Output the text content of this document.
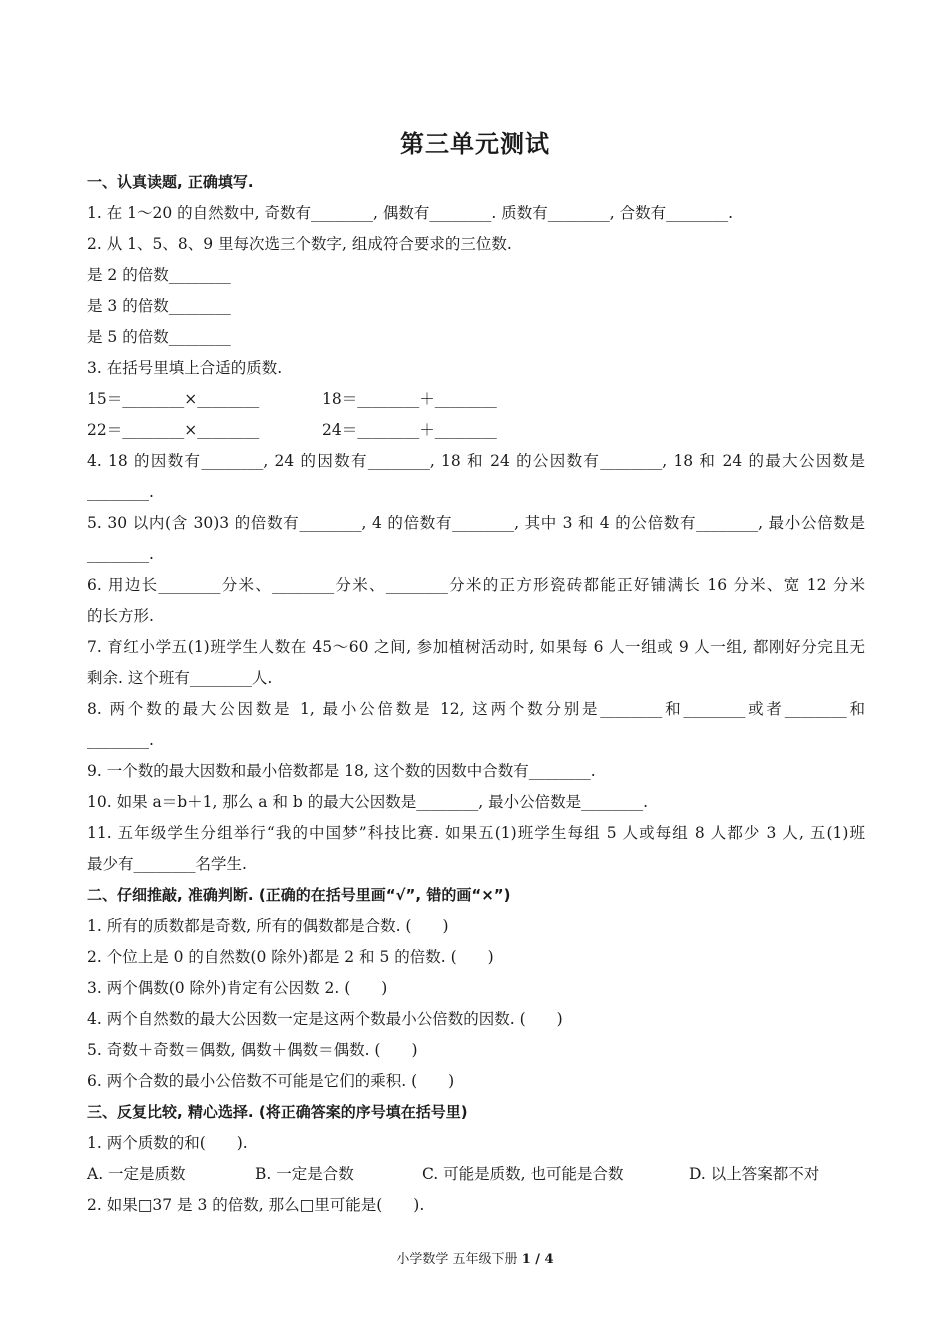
第三单元测试
一、认真读题, 正确填写.
1. 在 1～20 的自然数中, 奇数有________, 偶数有________. 质数有________, 合数有________.
2. 从 1、5、8、9 里每次选三个数字, 组成符合要求的三位数.
是 2 的倍数________
是 3 的倍数________
是 5 的倍数________
3. 在括号里填上合适的质数.
15＝________×________	18＝________＋________
22＝________×________	24＝________＋________
4. 18 的因数有________, 24 的因数有________, 18 和 24 的公因数有________, 18 和 24 的最大公因数是
________.
5. 30 以内(含 30)3 的倍数有________, 4 的倍数有________, 其中 3 和 4 的公倍数有________, 最小公倍数是
________.
6. 用边长________分米、________分米、________分米的正方形瓷砖都能正好铺满长 16 分米、宽 12 分米
的长方形.
7. 育红小学五(1)班学生人数在 45～60 之间, 参加植树活动时, 如果每 6 人一组或 9 人一组, 都刚好分完且无
剩余. 这个班有________人.
8. 两个数的最大公因数是 1, 最小公倍数是 12, 这两个数分别是________和________或者________和
________.
9. 一个数的最大因数和最小倍数都是 18, 这个数的因数中合数有________.
10. 如果 a＝b＋1, 那么 a 和 b 的最大公因数是________, 最小公倍数是________.
11. 五年级学生分组举行“我的中国梦”科技比赛. 如果五(1)班学生每组 5 人或每组 8 人都少 3 人, 五(1)班
最少有________名学生.
二、仔细推敲, 准确判断. (正确的在括号里画“√”, 错的画“×”)
1. 所有的质数都是奇数, 所有的偶数都是合数. (　　)
2. 个位上是 0 的自然数(0 除外)都是 2 和 5 的倍数. (　　)
3. 两个偶数(0 除外)肯定有公因数 2. (　　)
4. 两个自然数的最大公因数一定是这两个数最小公倍数的因数. (　　)
5. 奇数＋奇数＝偶数, 偶数＋偶数＝偶数. (　　)
6. 两个合数的最小公倍数不可能是它们的乘积. (　　)
三、反复比较, 精心选择. (将正确答案的序号填在括号里)
1. 两个质数的和(　　).
A. 一定是质数	B. 一定是合数	C. 可能是质数, 也可能是合数	D. 以上答案都不对
2. 如果□37 是 3 的倍数, 那么□里可能是(　　).
小学数学 五年级下册 1 / 4
